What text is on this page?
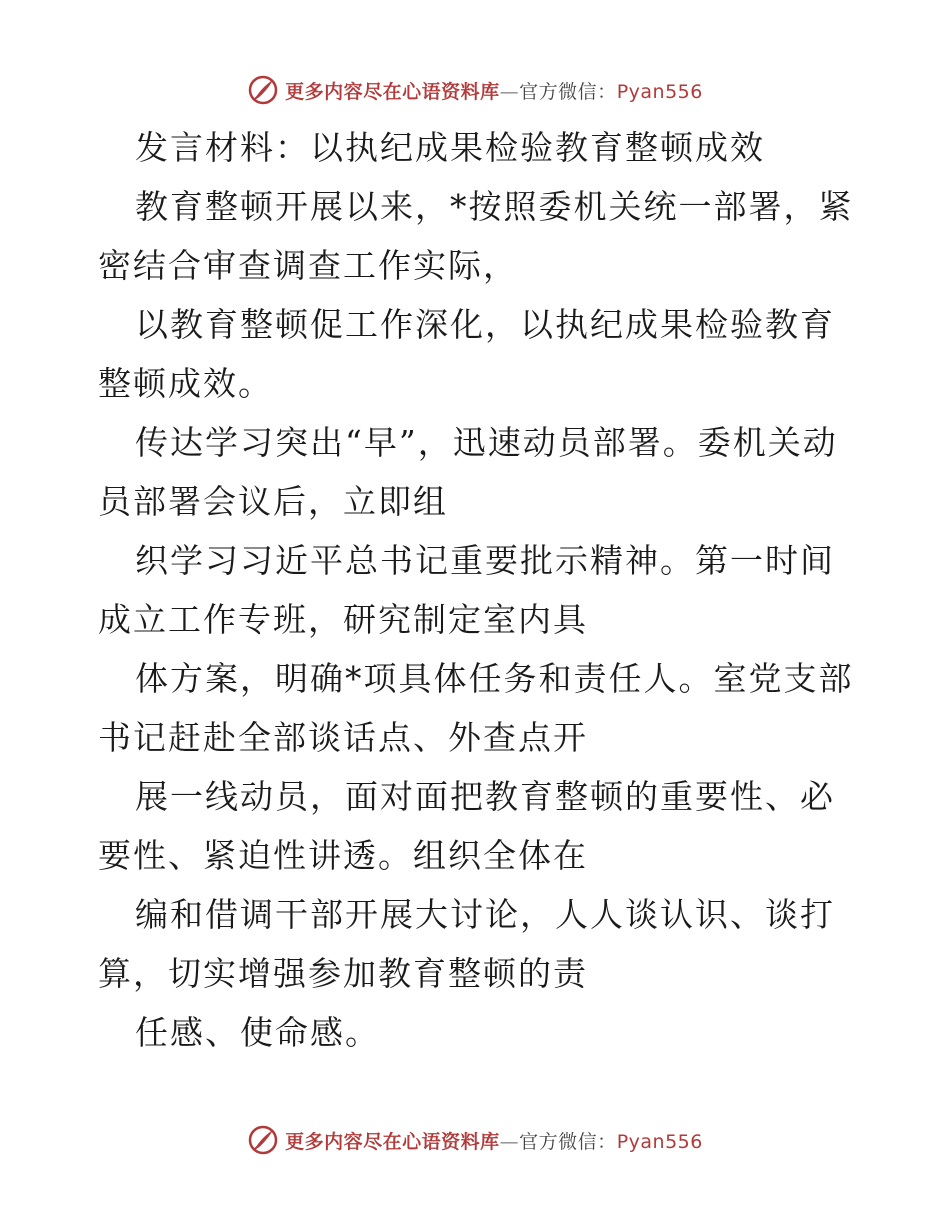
更多内容尽在心语资料库—官方微信：Pyan556

发言材料：以执纪成果检验教育整顿成效

教育整顿开展以来，*按照委机关统一部署，紧密结合审查调查工作实际，

以教育整顿促工作深化，以执纪成果检验教育整顿成效。

传达学习突出“早”，迅速动员部署。委机关动员部署会议后，立即组

织学习习近平总书记重要批示精神。第一时间成立工作专班，研究制定室内具

体方案，明确*项具体任务和责任人。室党支部书记赶赴全部谈话点、外查点开

展一线动员，面对面把教育整顿的重要性、必要性、紧迫性讲透。组织全体在

编和借调干部开展大讨论，人人谈认识、谈打算，切实增强参加教育整顿的责

任感、使命感。

更多内容尽在心语资料库—官方微信：Pyan556
